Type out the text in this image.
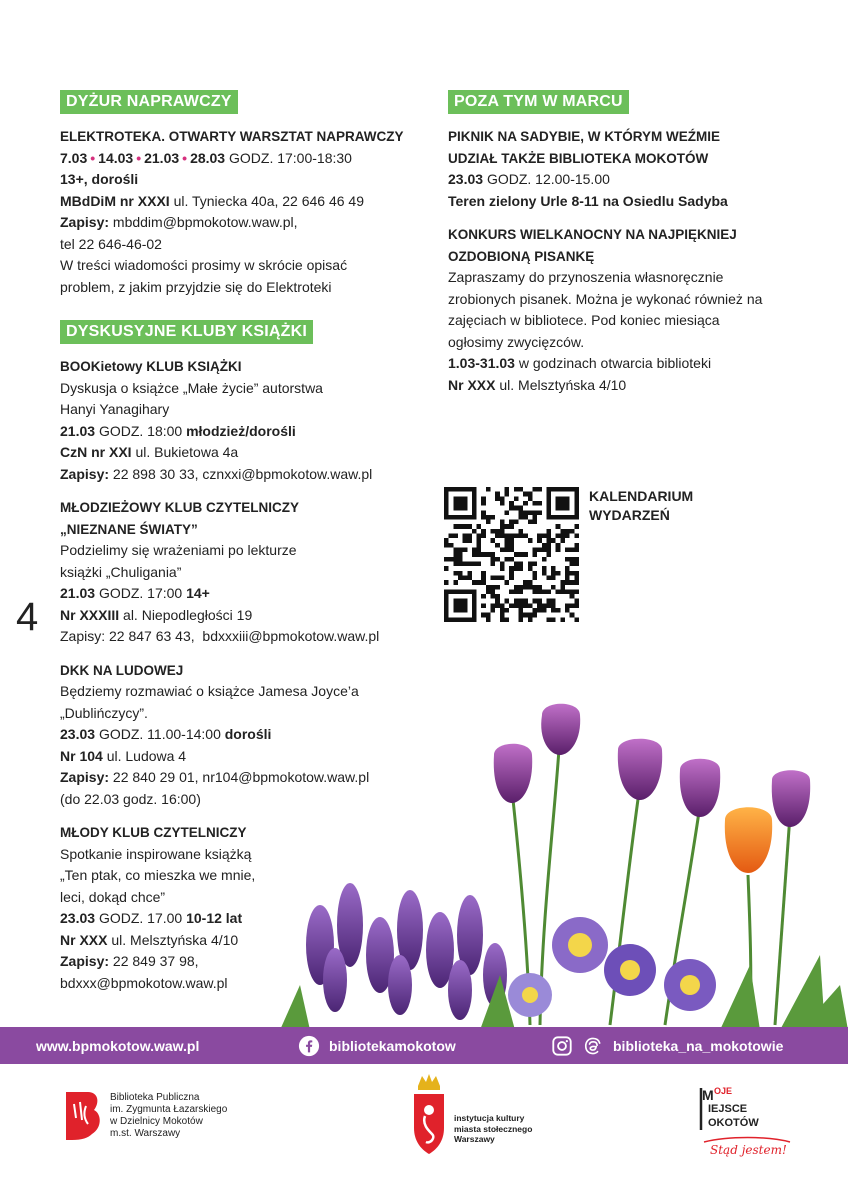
4
DYŻUR NAPRAWCZY
ELEKTROTEKA. OTWARTY WARSZTAT NAPRAWCZY
7.03 • 14.03 • 21.03 • 28.03 GODZ. 17:00-18:30
13+, dorośli
MBdDiM nr XXXI ul. Tyniecka 40a, 22 646 46 49
Zapisy: mbddim@bpmokotow.waw.pl,
tel 22 646-46-02
W treści wiadomości prosimy w skrócie opisać
problem, z jakim przyjdzie się do Elektroteki
DYSKUSYJNE KLUBY KSIĄŻKI
BOOKietowy KLUB KSIĄŻKI
Dyskusja o książce „Małe życie” autorstwa
Hanyi Yanagihary
21.03 GODZ. 18:00 młodzież/dorośli
CzN nr XXI ul. Bukietowa 4a
Zapisy: 22 898 30 33, cznxxi@bpmokotow.waw.pl
MŁODZIEŻOWY KLUB CZYTELNICZY
„NIEZNANE ŚWIATY”
Podzielimy się wrażeniami po lekturze
książki „Chuligania”
21.03 GODZ. 17:00 14+
Nr XXXIII al. Niepodległości 19
Zapisy: 22 847 63 43,  bdxxxiii@bpmokotow.waw.pl
DKK NA LUDOWEJ
Będziemy rozmawiać o książce Jamesa Joyce’a
„Dublińczycy”.
23.03 GODZ. 11.00-14:00 dorośli
Nr 104 ul. Ludowa 4
Zapisy: 22 840 29 01, nr104@bpmokotow.waw.pl
(do 22.03 godz. 16:00)
MŁODY KLUB CZYTELNICZY
Spotkanie inspirowane książką
„Ten ptak, co mieszka we mnie,
leci, dokąd chce”
23.03 GODZ. 17.00 10-12 lat
Nr XXX ul. Melsztyńska 4/10
Zapisy: 22 849 37 98,
bdxxx@bpmokotow.waw.pl
POZA TYM W MARCU
PIKNIK NA SADYBIE, W KTÓRYM WEŹMIE
UDZIAŁ TAKŻE BIBLIOTEKA MOKOTÓW
23.03 GODZ. 12.00-15.00
Teren zielony Urle 8-11 na Osiedlu Sadyba
KONKURS WIELKANOCNY NA NAJPIĘKNIEJ
OZDOBIONĄ PISANKĘ
Zapraszamy do przynoszenia własnoręcznie
zrobionych pisanek. Można je wykonać również na
zajęciach w bibliotece. Pod koniec miesiąca
ogłosimy zwycięzców.
1.03-31.03 w godzinach otwarcia biblioteki
Nr XXX ul. Melsztyńska 4/10
KALENDARIUM
WYDARZEŃ
www.bpmokotow.waw.pl	bibliotekamokotow	biblioteka_na_mokotowie
Biblioteka Publiczna
im. Zygmunta Łazarskiego
w Dzielnicy Mokotów
m.st. Warszawy
instytucja kultury
miasta stołecznego
Warszawy
M OJE
IEJSCE
OKOTÓW
Stąd jestem!
